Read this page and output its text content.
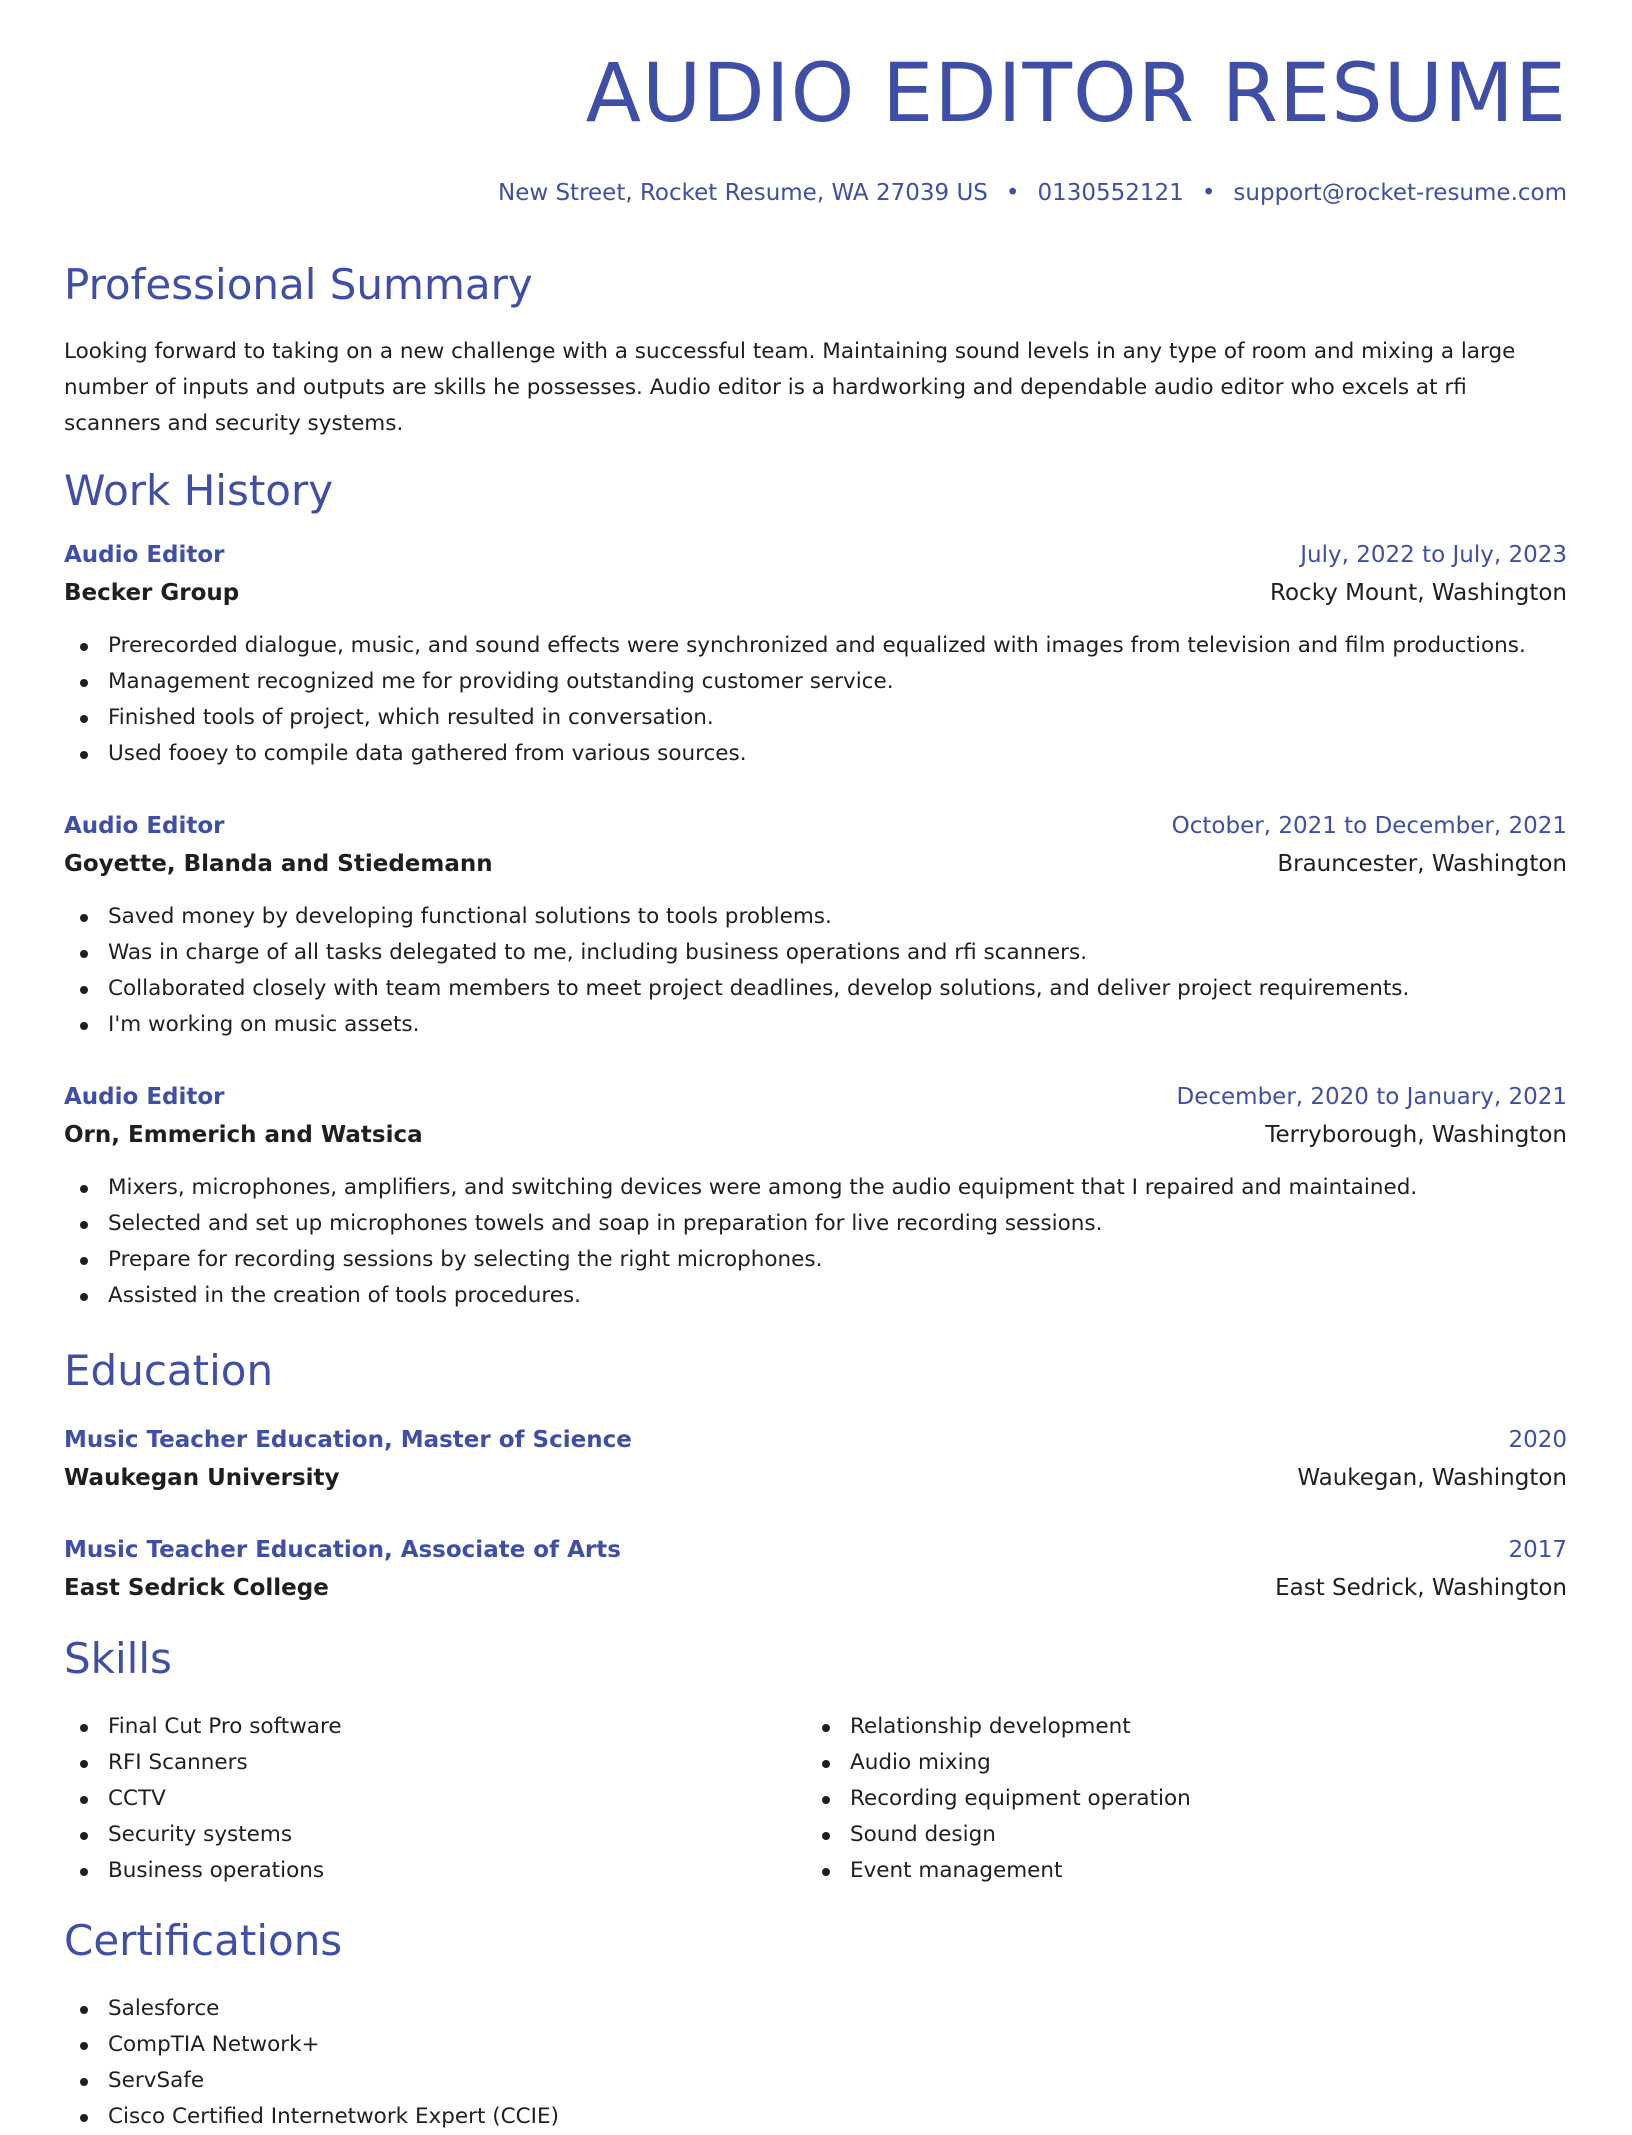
AUDIO EDITOR RESUME
New Street, Rocket Resume, WA 27039 US • 0130552121 • support@rocket-resume.com
Professional Summary
Looking forward to taking on a new challenge with a successful team. Maintaining sound levels in any type of room and mixing a large number of inputs and outputs are skills he possesses. Audio editor is a hardworking and dependable audio editor who excels at rfi scanners and security systems.
Work History
Audio Editor	July, 2022 to July, 2023
Becker Group	Rocky Mount, Washington
Prerecorded dialogue, music, and sound effects were synchronized and equalized with images from television and film productions.
Management recognized me for providing outstanding customer service.
Finished tools of project, which resulted in conversation.
Used fooey to compile data gathered from various sources.
Audio Editor	October, 2021 to December, 2021
Goyette, Blanda and Stiedemann	Brauncester, Washington
Saved money by developing functional solutions to tools problems.
Was in charge of all tasks delegated to me, including business operations and rfi scanners.
Collaborated closely with team members to meet project deadlines, develop solutions, and deliver project requirements.
I'm working on music assets.
Audio Editor	December, 2020 to January, 2021
Orn, Emmerich and Watsica	Terryborough, Washington
Mixers, microphones, amplifiers, and switching devices were among the audio equipment that I repaired and maintained.
Selected and set up microphones towels and soap in preparation for live recording sessions.
Prepare for recording sessions by selecting the right microphones.
Assisted in the creation of tools procedures.
Education
Music Teacher Education, Master of Science	2020
Waukegan University	Waukegan, Washington
Music Teacher Education, Associate of Arts	2017
East Sedrick College	East Sedrick, Washington
Skills
Final Cut Pro software
RFI Scanners
CCTV
Security systems
Business operations
Relationship development
Audio mixing
Recording equipment operation
Sound design
Event management
Certifications
Salesforce
CompTIA Network+
ServSafe
Cisco Certified Internetwork Expert (CCIE)
